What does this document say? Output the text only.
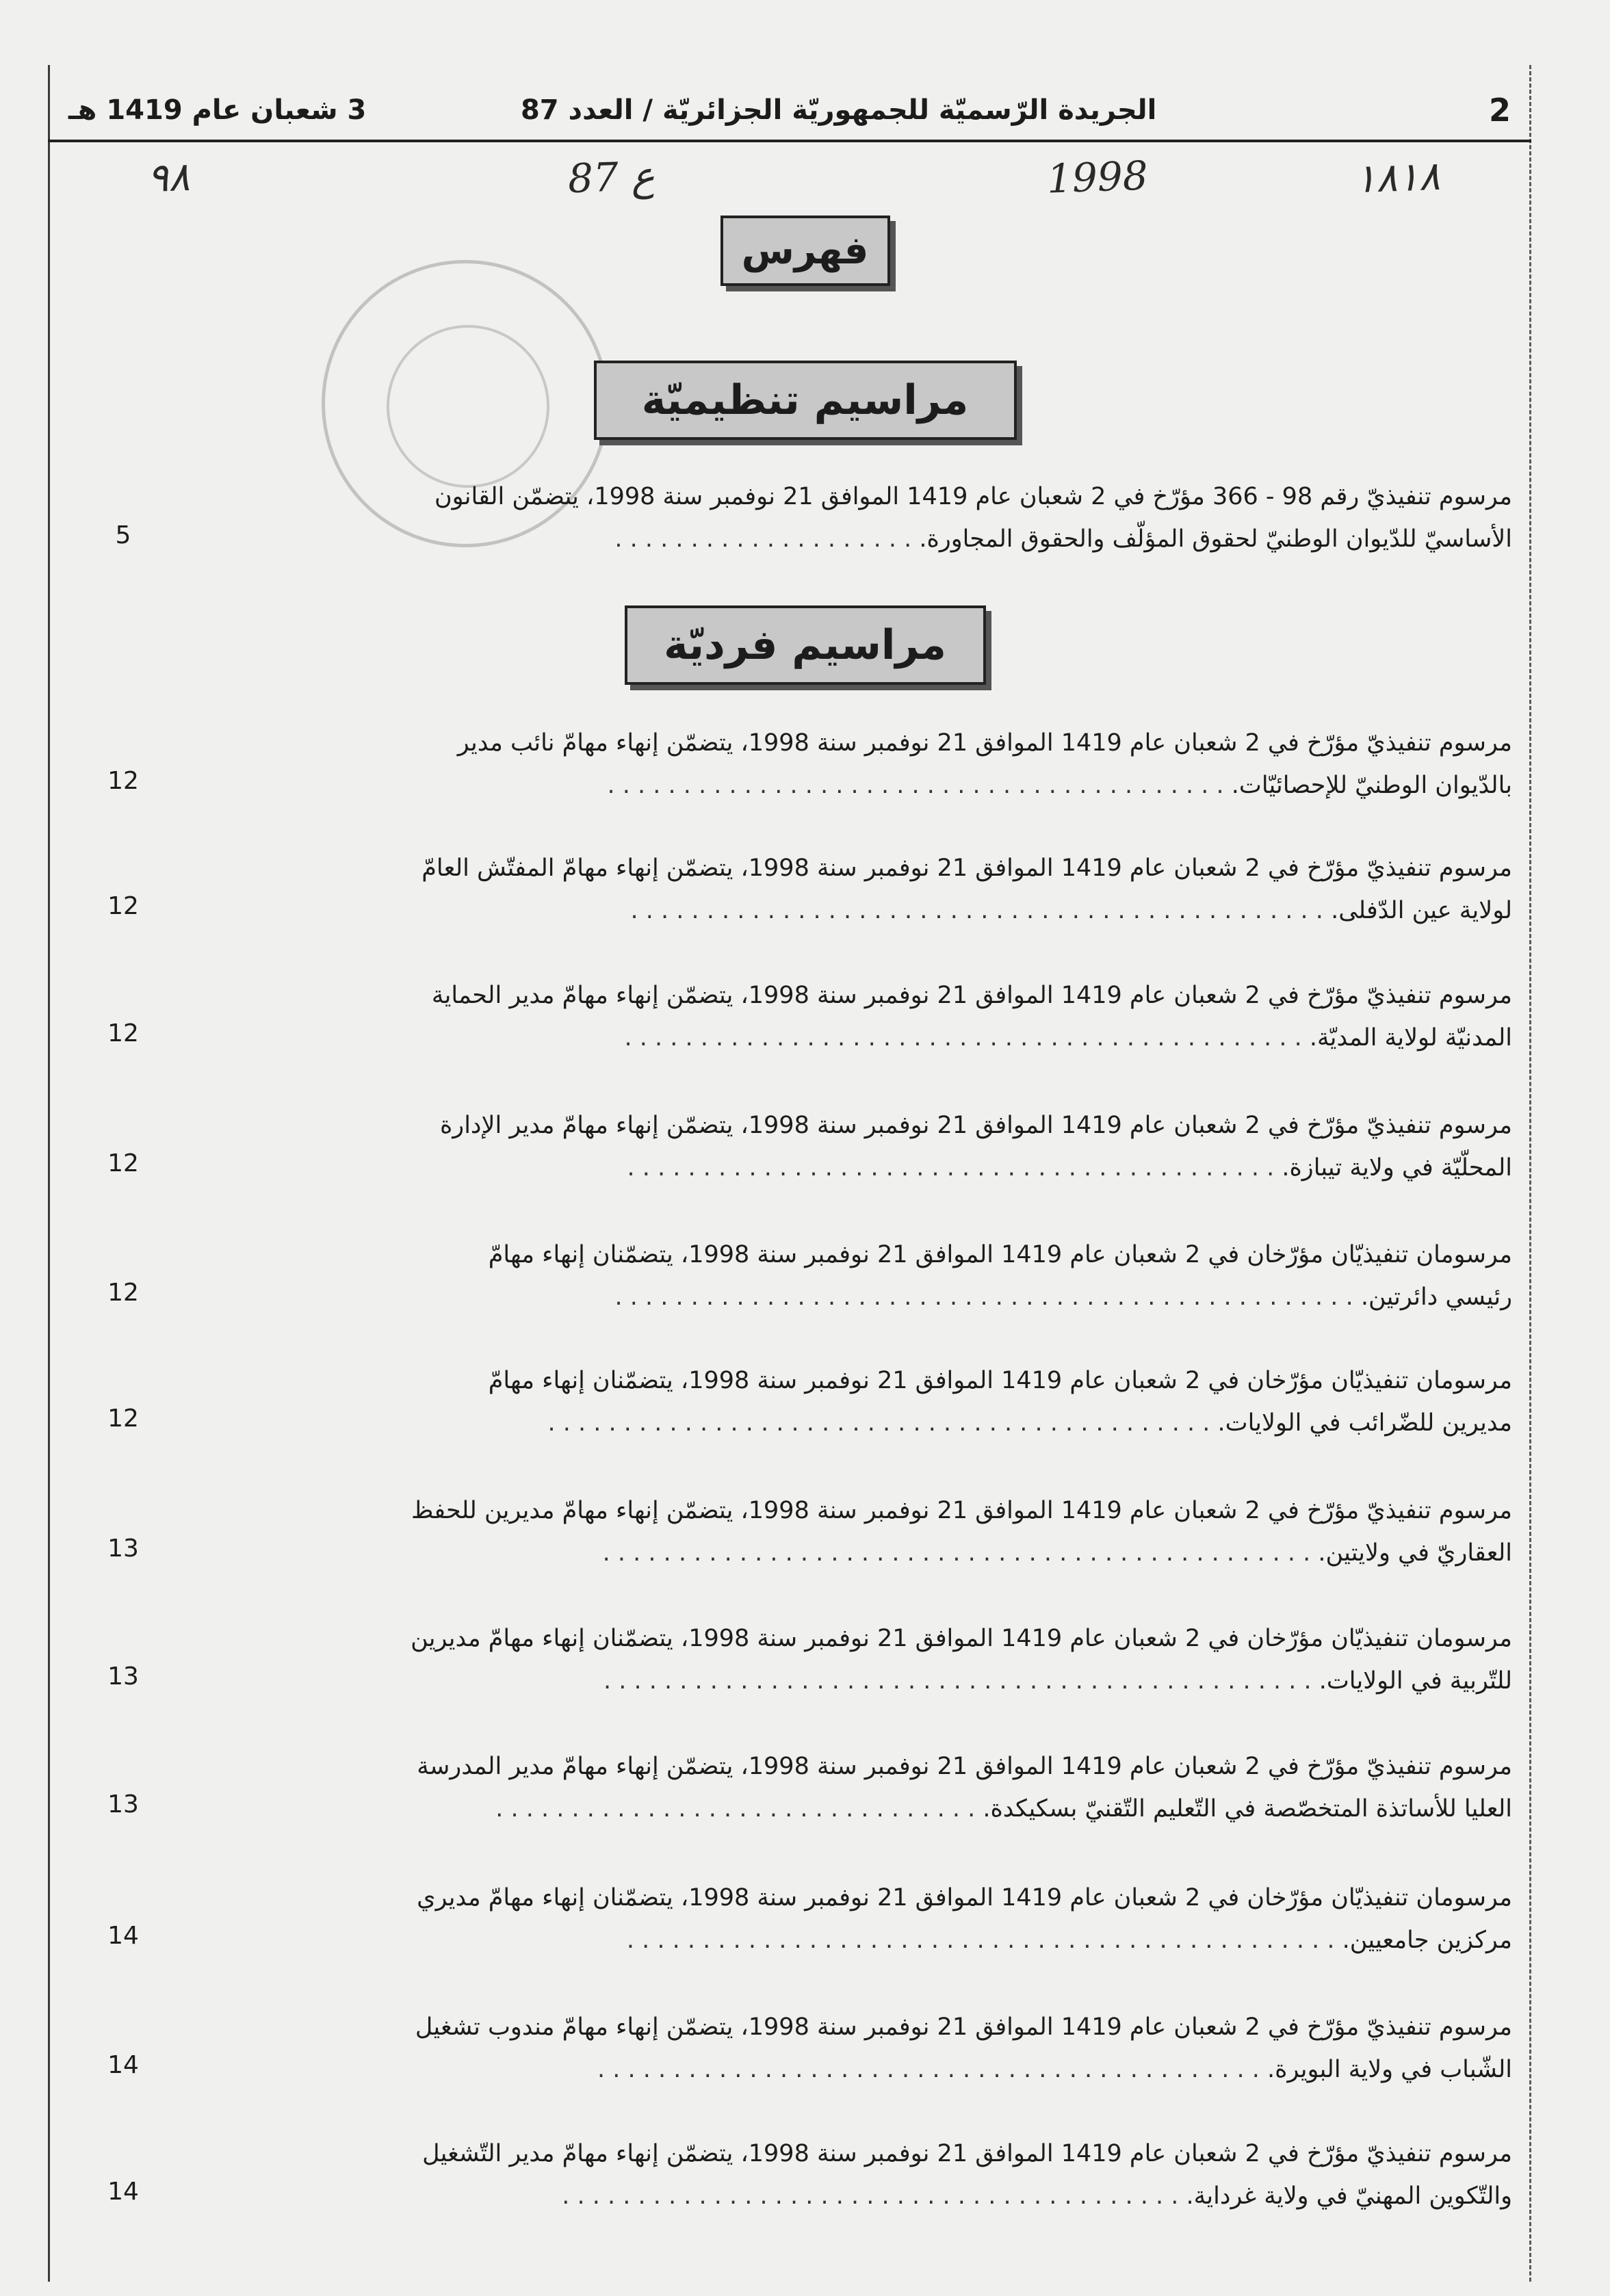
2
الجريدة الرّسميّة للجمهوريّة الجزائريّة / العدد 87
3 شعبان عام 1419 هـ
٩٨	87 ع	1998	١٨١٨
فهرس
مراسيم تنظيميّة

مرسوم تنفيذيّ رقم 98 - 366 مؤرّخ في 2 شعبان عام 1419 الموافق 21 نوفمبر سنة 1998، يتضمّن القانون

الأساسيّ للدّيوان الوطنيّ لحقوق المؤلّف والحقوق المجاورة. . . . . . . . . . . . . . . . . . . . .

5
مراسيم فرديّة

مرسوم تنفيذيّ مؤرّخ في 2 شعبان عام 1419 الموافق 21 نوفمبر سنة 1998، يتضمّن إنهاء مهامّ نائب مدير

بالدّيوان الوطنيّ للإحصائيّات. . . . . . . . . . . . . . . . . . . . . . . . . . . . . . . . . . . . . . . . . .

12

مرسوم تنفيذيّ مؤرّخ في 2 شعبان عام 1419 الموافق 21 نوفمبر سنة 1998، يتضمّن إنهاء مهامّ المفتّش العامّ

لولاية عين الدّفلى. . . . . . . . . . . . . . . . . . . . . . . . . . . . . . . . . . . . . . . . . . . . . . .

12

مرسوم تنفيذيّ مؤرّخ في 2 شعبان عام 1419 الموافق 21 نوفمبر سنة 1998، يتضمّن إنهاء مهامّ مدير الحماية

المدنيّة لولاية المديّة. . . . . . . . . . . . . . . . . . . . . . . . . . . . . . . . . . . . . . . . . . . . . .

12

مرسوم تنفيذيّ مؤرّخ في 2 شعبان عام 1419 الموافق 21 نوفمبر سنة 1998، يتضمّن إنهاء مهامّ مدير الإدارة

المحلّيّة في ولاية تيبازة. . . . . . . . . . . . . . . . . . . . . . . . . . . . . . . . . . . . . . . . . . . .

12

مرسومان تنفيذيّان مؤرّخان في 2 شعبان عام 1419 الموافق 21 نوفمبر سنة 1998، يتضمّنان إنهاء مهامّ

رئيسي دائرتين. . . . . . . . . . . . . . . . . . . . . . . . . . . . . . . . . . . . . . . . . . . . . . . . . .

12

مرسومان تنفيذيّان مؤرّخان في 2 شعبان عام 1419 الموافق 21 نوفمبر سنة 1998، يتضمّنان إنهاء مهامّ

مديرين للضّرائب في الولايات. . . . . . . . . . . . . . . . . . . . . . . . . . . . . . . . . . . . . . . . . . . . .

12

مرسوم تنفيذيّ مؤرّخ في 2 شعبان عام 1419 الموافق 21 نوفمبر سنة 1998، يتضمّن إنهاء مهامّ مديرين للحفظ

العقاريّ في ولايتين. . . . . . . . . . . . . . . . . . . . . . . . . . . . . . . . . . . . . . . . . . . . . . . .

13

مرسومان تنفيذيّان مؤرّخان في 2 شعبان عام 1419 الموافق 21 نوفمبر سنة 1998، يتضمّنان إنهاء مهامّ مديرين

للتّربية في الولايات. . . . . . . . . . . . . . . . . . . . . . . . . . . . . . . . . . . . . . . . . . . . . . . .

13

مرسوم تنفيذيّ مؤرّخ في 2 شعبان عام 1419 الموافق 21 نوفمبر سنة 1998، يتضمّن إنهاء مهامّ مدير المدرسة

العليا للأساتذة المتخصّصة في التّعليم التّقنيّ بسكيكدة. . . . . . . . . . . . . . . . . . . . . . . . . . . . . . . . .

13

مرسومان تنفيذيّان مؤرّخان في 2 شعبان عام 1419 الموافق 21 نوفمبر سنة 1998، يتضمّنان إنهاء مهامّ مديري

مركزين جامعيين. . . . . . . . . . . . . . . . . . . . . . . . . . . . . . . . . . . . . . . . . . . . . . . .

14

مرسوم تنفيذيّ مؤرّخ في 2 شعبان عام 1419 الموافق 21 نوفمبر سنة 1998، يتضمّن إنهاء مهامّ مندوب تشغيل

الشّباب في ولاية البويرة. . . . . . . . . . . . . . . . . . . . . . . . . . . . . . . . . . . . . . . . . . . . .

14

مرسوم تنفيذيّ مؤرّخ في 2 شعبان عام 1419 الموافق 21 نوفمبر سنة 1998، يتضمّن إنهاء مهامّ مدير التّشغيل

والتّكوين المهنيّ في ولاية غرداية. . . . . . . . . . . . . . . . . . . . . . . . . . . . . . . . . . . . . . . . . .

14
